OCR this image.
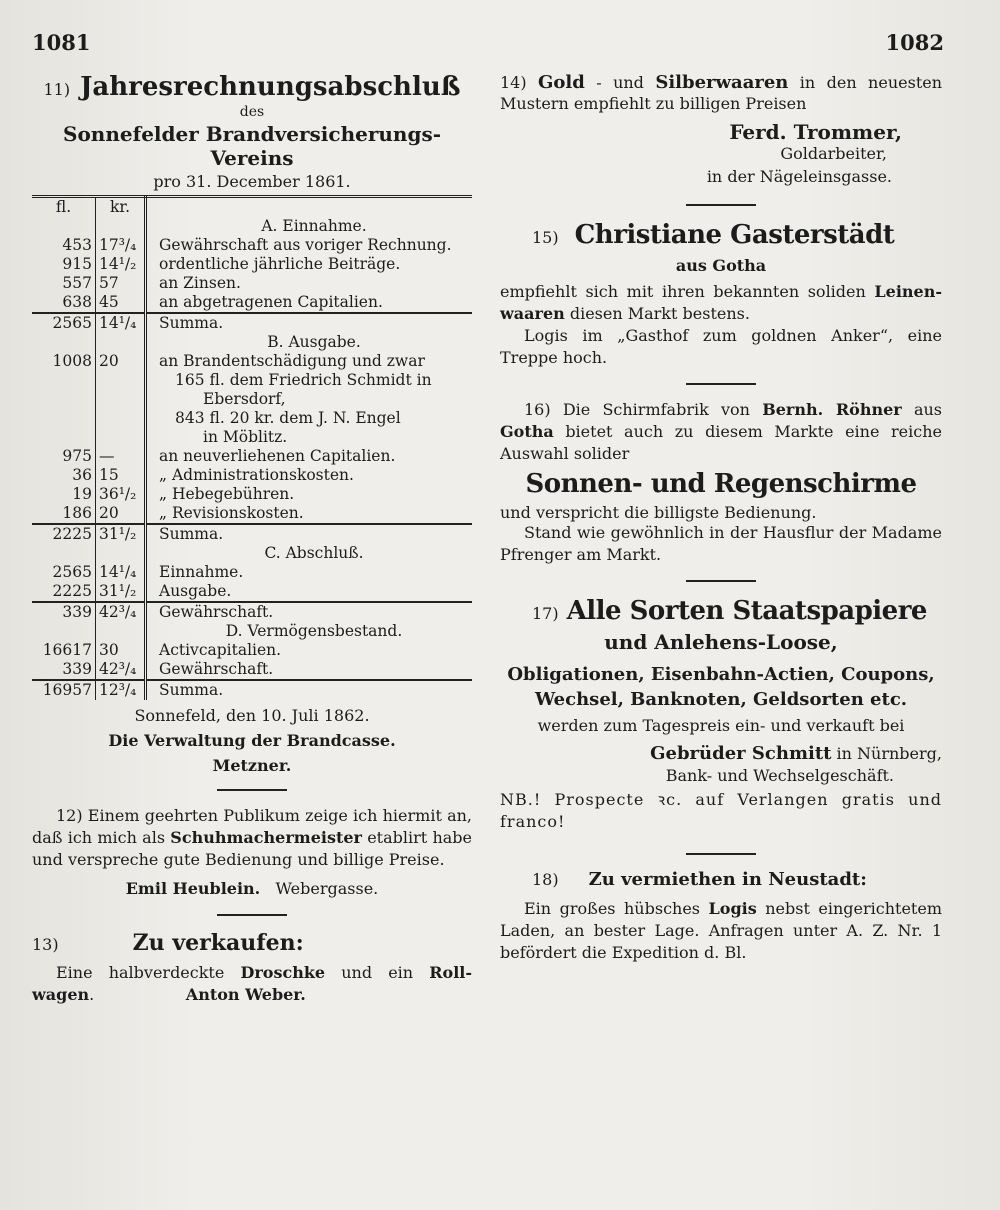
1081	1082
11) Jahresrechnungsabschluß
des
Sonnefelder Brandversicherungs-
Vereins
pro 31. December 1861.
fl.	kr.	
		A. Einnahme.
453	17³/₄	Gewährschaft aus voriger Rechnung.
915	14¹/₂	ordentliche jährliche Beiträge.
557	57	an Zinsen.
638	45	an abgetragenen Capitalien.
2565	14¹/₄	Summa.
		B. Ausgabe.
1008	20	an Brandentschädigung und zwar
		165 fl. dem Friedrich Schmidt in
		Ebersdorf,
		843 fl. 20 kr. dem J. N. Engel
		in Möblitz.
975	—	an neuverliehenen Capitalien.
36	15	„ Administrationskosten.
19	36¹/₂	„ Hebegebühren.
186	20	„ Revisionskosten.
2225	31¹/₂	Summa.
		C. Abschluß.
2565	14¹/₄	Einnahme.
2225	31¹/₂	Ausgabe.
339	42³/₄	Gewährschaft.
		D. Vermögensbestand.
16617	30	Activcapitalien.
339	42³/₄	Gewährschaft.
16957	12³/₄	Summa.
Sonnefeld, den 10. Juli 1862.
Die Verwaltung der Brandcasse.
Metzner.
12) Einem geehrten Publikum zeige ich hiermit an, daß ich mich als Schuhmachermeister etablirt habe und verspreche gute Bedienung und billige Preise.
Emil Heublein. Webergasse.
13)	Zu verkaufen:
Eine halbverdeckte Droschke und ein Roll-wagen.	Anton Weber.
14) Gold - und Silberwaaren in den neuesten Mustern empfiehlt zu billigen Preisen
Ferd. Trommer,
Goldarbeiter,
in der Nägeleinsgasse.
15) Christiane Gasterstädt
aus Gotha
empfiehlt sich mit ihren bekannten soliden Leinen-waaren diesen Markt bestens.
Logis im „Gasthof zum goldnen Anker“, eine Treppe hoch.
16) Die Schirmfabrik von Bernh. Röhner aus Gotha bietet auch zu diesem Markte eine reiche Auswahl solider
Sonnen- und Regenschirme
und verspricht die billigste Bedienung.
Stand wie gewöhnlich in der Hausflur der Madame Pfrenger am Markt.
17) Alle Sorten Staatspapiere
und Anlehens-Loose,
Obligationen, Eisenbahn-Actien, Coupons,
Wechsel, Banknoten, Geldsorten etc.
werden zum Tagespreis ein- und verkauft bei
Gebrüder Schmitt in Nürnberg,
Bank- und Wechselgeschäft.
NB.! Prospecte ꝛc. auf Verlangen gratis und franco!
18) Zu vermiethen in Neustadt:
Ein großes hübsches Logis nebst eingerichtetem Laden, an bester Lage. Anfragen unter A. Z. Nr. 1 befördert die Expedition d. Bl.
